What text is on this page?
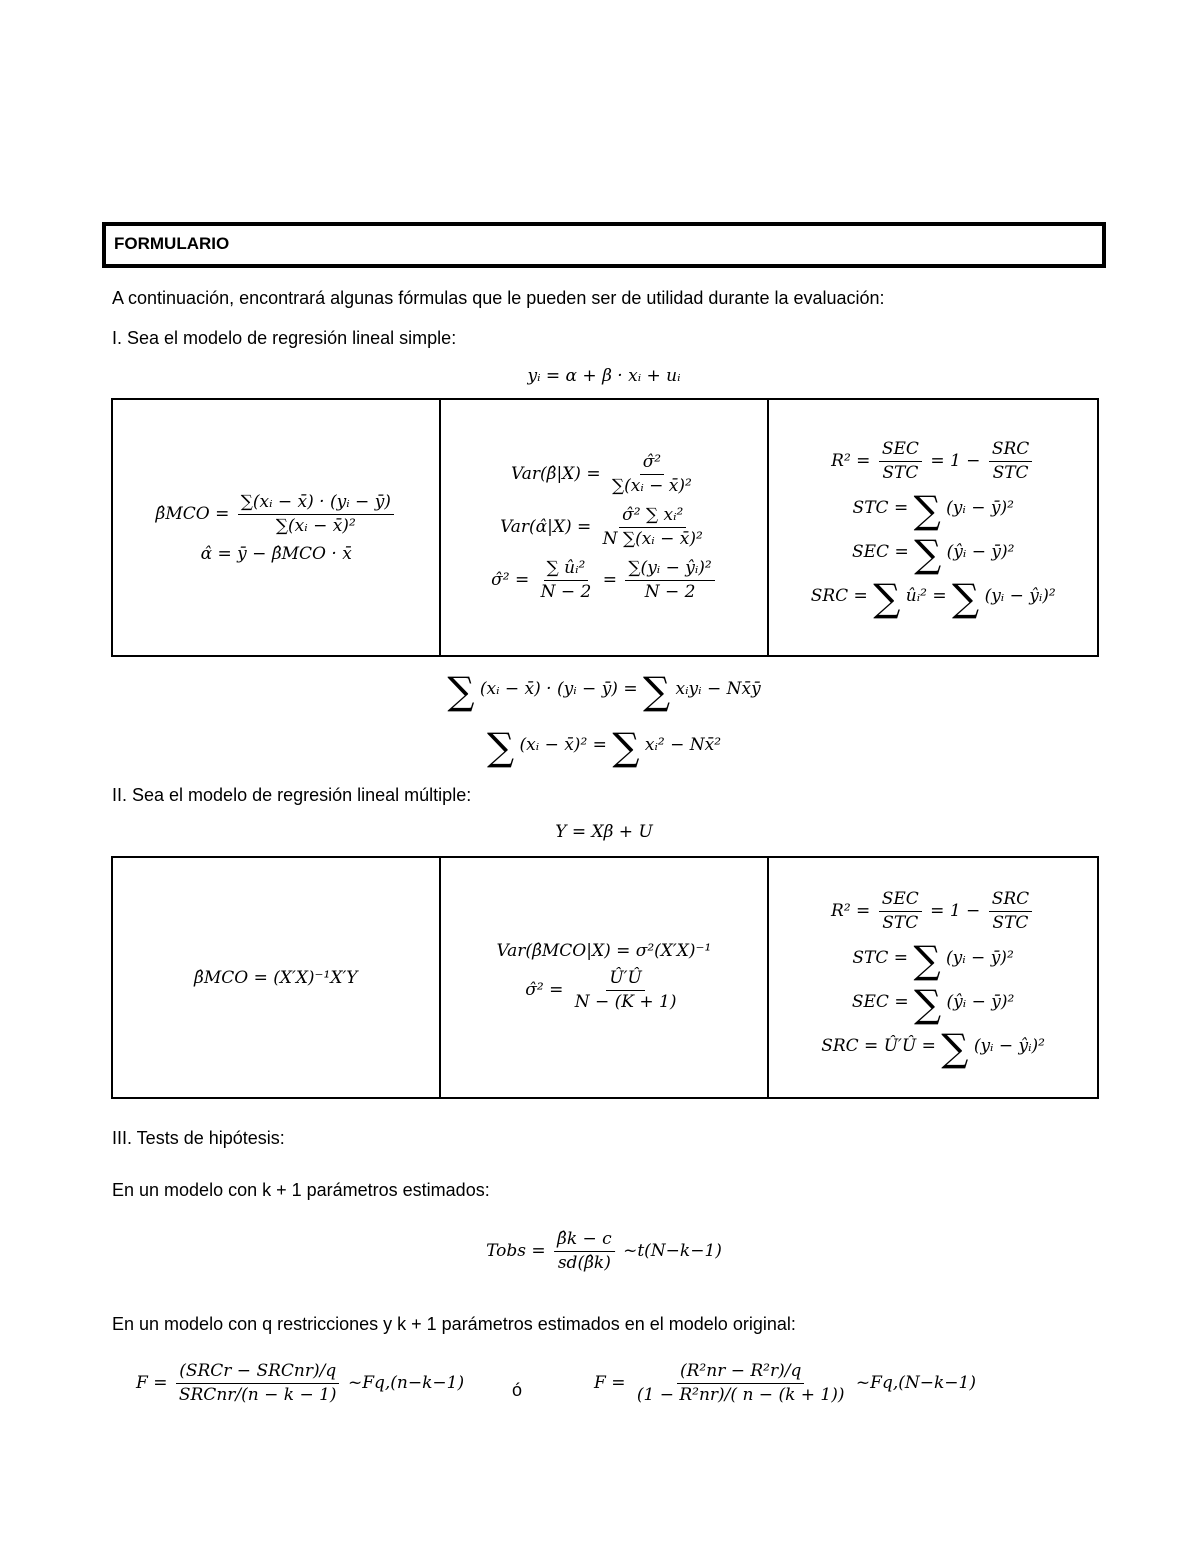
FORMULARIO
A continuación, encontrará algunas fórmulas que le pueden ser de utilidad durante la evaluación:
I. Sea el modelo de regresión lineal simple:
yᵢ = α + β · xᵢ + uᵢ
β̂MCO = $\frac{\text{∑(xᵢ − x̄) · (yᵢ − ȳ)}}{\text{∑(xᵢ − x̄)²}}$
α̂ = ȳ − β̂MCO · x̄

Var(β̂|X) = $\frac{\text{σ̂²}}{\text{∑(xᵢ − x̄)²}}$
Var(α̂|X) = $\frac{\text{σ̂² ∑ xᵢ²}}{\text{N ∑(xᵢ − x̄)²}}$
σ̂² = $\frac{\text{∑ ûᵢ²}}{N - 2} = \frac{\text{∑(yᵢ − ŷᵢ)²}}{N - 2}$

$R^2 = \frac{\text{SEC}}{\text{STC}} = 1 - \frac{\text{SRC}}{\text{STC}}$
STC = ∑ (yᵢ − ȳ)²
SEC = ∑ (ŷᵢ − ȳ)²
SRC = ∑ ûᵢ² = ∑ (yᵢ − ŷᵢ)²
∑ (xᵢ − x̄) · (yᵢ − ȳ) = ∑ xᵢyᵢ − Nx̄ȳ
∑ (xᵢ − x̄)² = ∑ xᵢ² − Nx̄²
II. Sea el modelo de regresión lineal múltiple:
Y = Xβ + U
β̂MCO = (X′X)⁻¹X′Y

Var(β̂MCO|X) = σ²(X′X)⁻¹
σ̂² = $\frac{Û'Û}{N - (K + 1)}$

$R^2 = \frac{\text{SEC}}{\text{STC}} = 1 - \frac{\text{SRC}}{\text{STC}}$
STC = ∑ (yᵢ − ȳ)²
SEC = ∑ (ŷᵢ − ȳ)²
SRC = Û′Û = ∑ (yᵢ − ŷᵢ)²
III. Tests de hipótesis:
En un modelo con k + 1 parámetros estimados:
Tobs = $\frac{\betâk - c}{sd(\betâk)}$ ~t(N−k−1)
En un modelo con q restricciones y k + 1 parámetros estimados en el modelo original:
$F = \frac{\text{(SRCr − SRCnr)/q}}{\text{SRCnr/(n − k − 1)}}$ ~Fq,(n−k−1)	ó	$F = \frac{\text{(R²nr − R²r)/q}}{\text{(1 − R²nr)/( n − (k + 1))}}$ ~Fq,(N−k−1)
